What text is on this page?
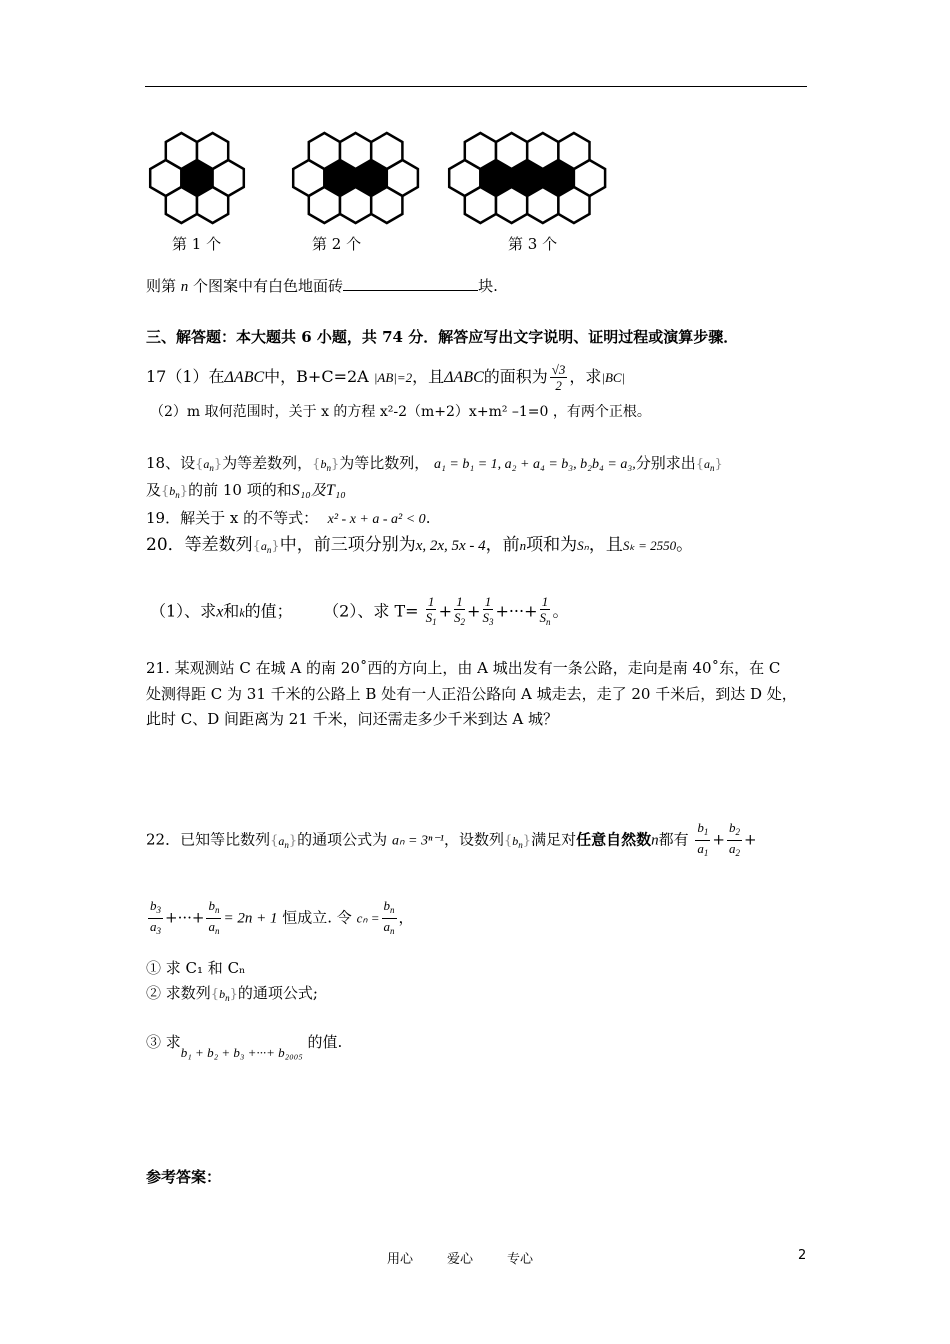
第 1 个	第 2 个	第 3 个
则第 n 个图案中有白色地面砖	块.
三、解答题：本大题共 6 小题，共 74 分．解答应写出文字说明、证明过程或演算步骤．
17（1）在ΔABC中，B+C=2A |AB|=2，且ΔABC的面积为 $\frac{√3}{2}$ ，求|BC|
（2）m 取何范围时，关于 x 的方程 x²-2（m+2）x+m² –1=0 ，有两个正根。
18、设$\{a_n\}$为等差数列，$\{b_n\}$为等比数列， a₁ = b₁ = 1, a₂ + a₄ = b₃, b₂b₄ = a₃,分别求出$\{a_n\}$
及$\{b_n\}$的前 10 项的和S₁₀及T₁₀
19．解关于 x 的不等式： x² - x + a - a² < 0.
20．等差数列$\{a_n\}$中，前三项分别为x, 2x, 5x - 4，前n项和为Sₙ，且Sₖ = 2550。
（1）、求x和k的值； （2）、求 $T= \frac{1}{S_1} + \frac{1}{S_2} + \frac{1}{S_3}$ +···+ $\frac{1}{S_n}$ 。
21. 某观测站 C 在城 A 的南 20˚西的方向上，由 A 城出发有一条公路，走向是南 40˚东，在 C
处测得距 C 为 31 千米的公路上 B 处有一人正沿公路向 A 城走去，走了 20 千米后，到达 D 处，
此时 C、D 间距离为 21 千米，问还需走多少千米到达 A 城？
22．已知等比数列$\{a_n\}$的通项公式为 aₙ = 3ⁿ⁻¹，设数列$\{b_n\}$满足对任意自然数n都有 $\frac{b_1}{a_1} + \frac{b_2}{a_2}$ +
$\frac{b_3}{a_3}$ +···+ $\frac{b_n}{a_n} = 2n + 1$ 恒成立. 令 $c_n = \frac{b_n}{a_n}$ ，
① 求 C₁ 和 Cₙ
② 求数列$\{b_n\}$的通项公式;
③ 求b₁ + b₂ + b₃ +···+ b₂₀₀₅ 的值.
参考答案：
用心	爱心	专心	2
